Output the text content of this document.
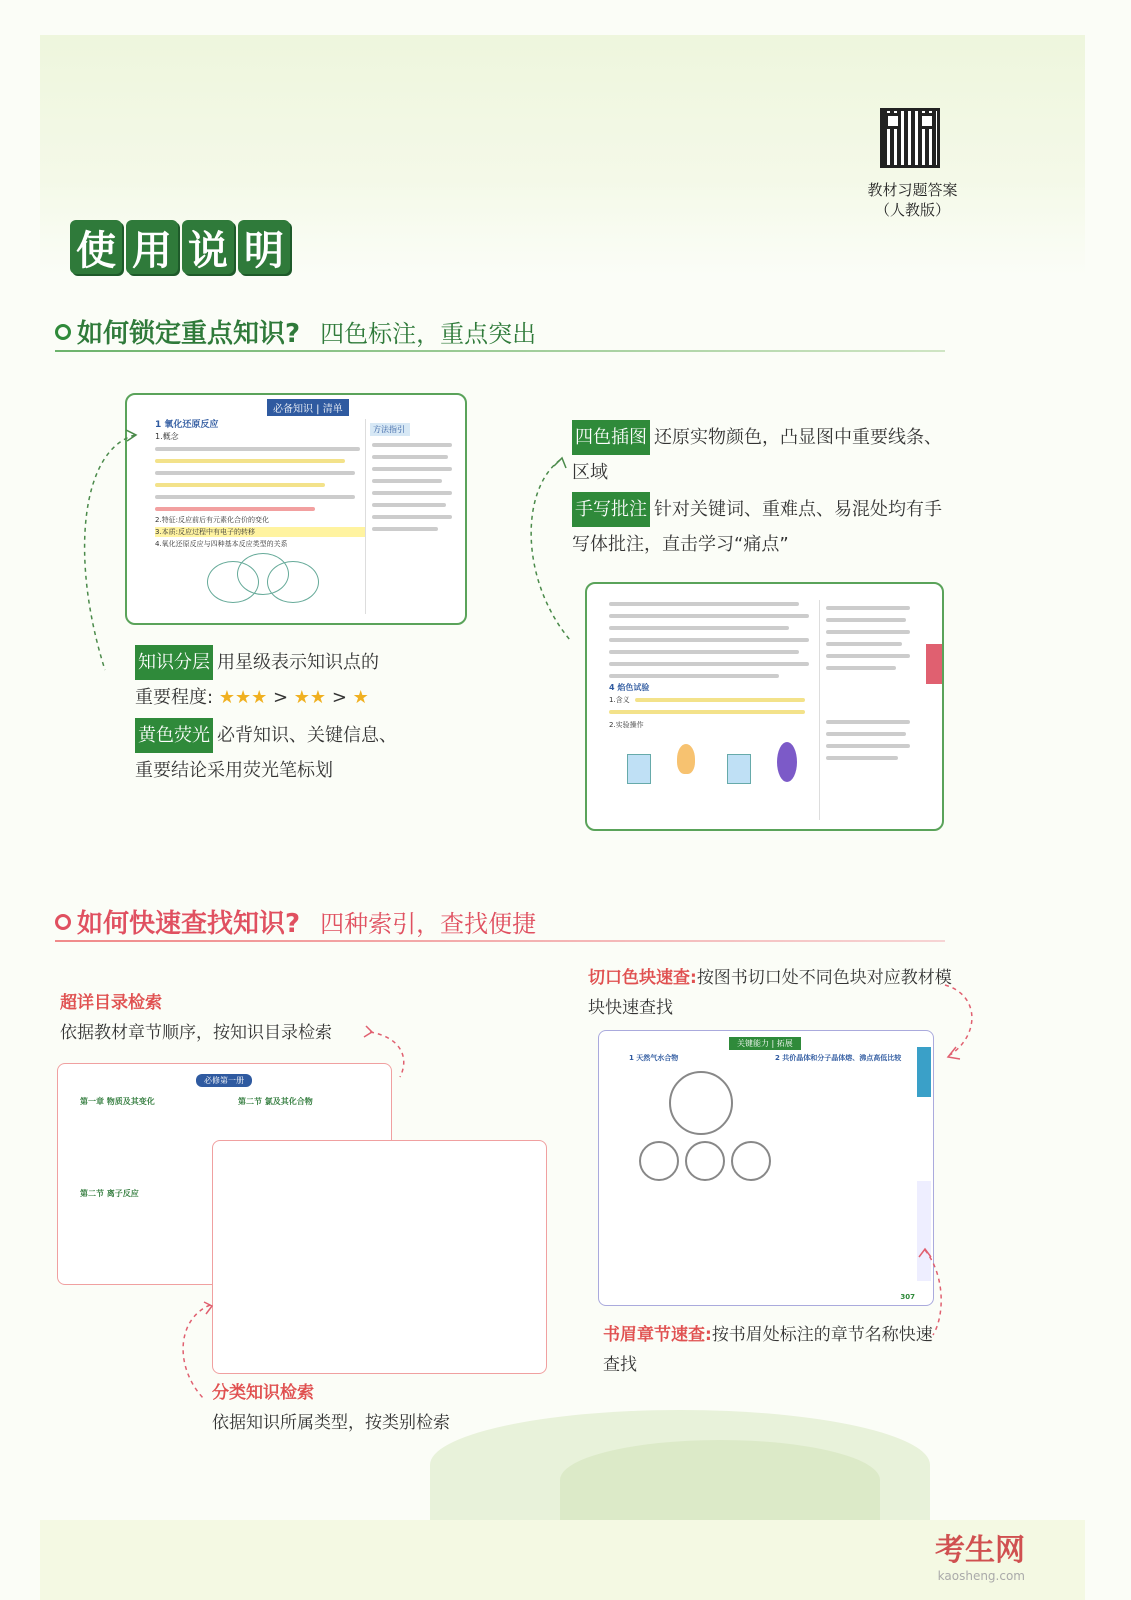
教材习题答案
（人教版）
使 用 说 明
如何锁定重点知识? 四色标注，重点突出
必备知识 | 清单
1 氧化还原反应
1.概念
2.特征:反应前后有元素化合价的变化
3.本质:反应过程中有电子的转移
4.氧化还原反应与四种基本反应类型的关系
方法指引	四色插图 还原实物颜色，凸显图中重要线条、区域
手写批注 针对关键词、重难点、易混处均有手写体批注，直击学习“痛点”
知识分层 用星级表示知识点的
重要程度: ★★★ > ★★ > ★
黄色荧光 必背知识、关键信息、
重要结论采用荧光笔标划
4 焰色试验
1.含义
2.实验操作
如何快速查找知识? 四种索引，查找便捷
超详目录检索
依据教材章节顺序，按知识目录检索
切口色块速查:按图书切口处不同色块对应教材模块快速查找
书眉章节速查:按书眉处标注的章节名称快速查找
分类知识检索
依据知识所属类型，按类别检索
必修第一册
第一章 物质及其变化
第二节 离子反应
第二节 氯及其化合物
关键能力 | 拓展
1 天然气水合物	2 共价晶体和分子晶体熔、沸点高低比较
307
考生网
kaosheng.com
